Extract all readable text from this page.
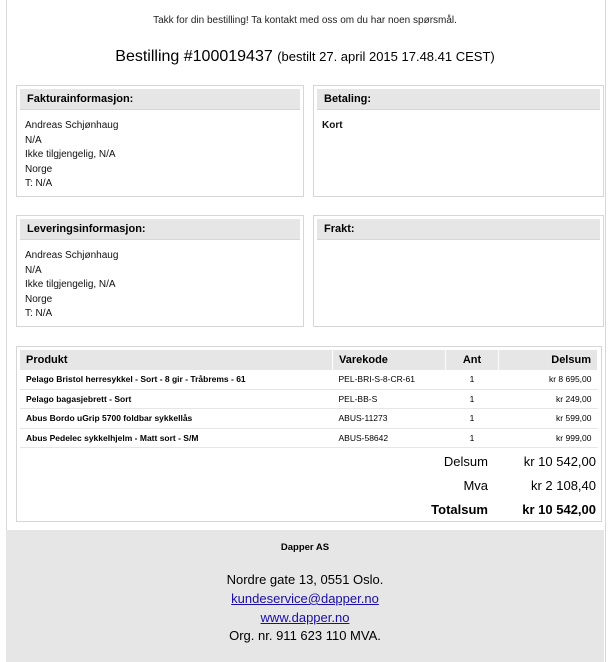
Takk for din bestilling! Ta kontakt med oss om du har noen spørsmål.
Bestilling #100019437 (bestilt 27. april 2015 17.48.41 CEST)
Fakturainformasjon:
Andreas Schjønhaug
N/A
Ikke tilgjengelig, N/A
Norge
T: N/A
Betaling:
Kort
Leveringsinformasjon:
Andreas Schjønhaug
N/A
Ikke tilgjengelig, N/A
Norge
T: N/A
Frakt:
Produkt	Varekode	Ant	Delsum
Pelago Bristol herresykkel - Sort - 8 gir - Tråbrems - 61	PEL-BRI-S-8-CR-61	1	kr 8 695,00
Pelago bagasjebrett - Sort	PEL-BB-S	1	kr 249,00
Abus Bordo uGrip 5700 foldbar sykkellås	ABUS-11273	1	kr 599,00
Abus Pedelec sykkelhjelm - Matt sort - S/M	ABUS-58642	1	kr 999,00
Delsum	kr 10 542,00
Mva	kr 2 108,40
Totalsum	kr 10 542,00
Dapper AS
Nordre gate 13, 0551 Oslo.
kundeservice@dapper.no
www.dapper.no
Org. nr. 911 623 110 MVA.
